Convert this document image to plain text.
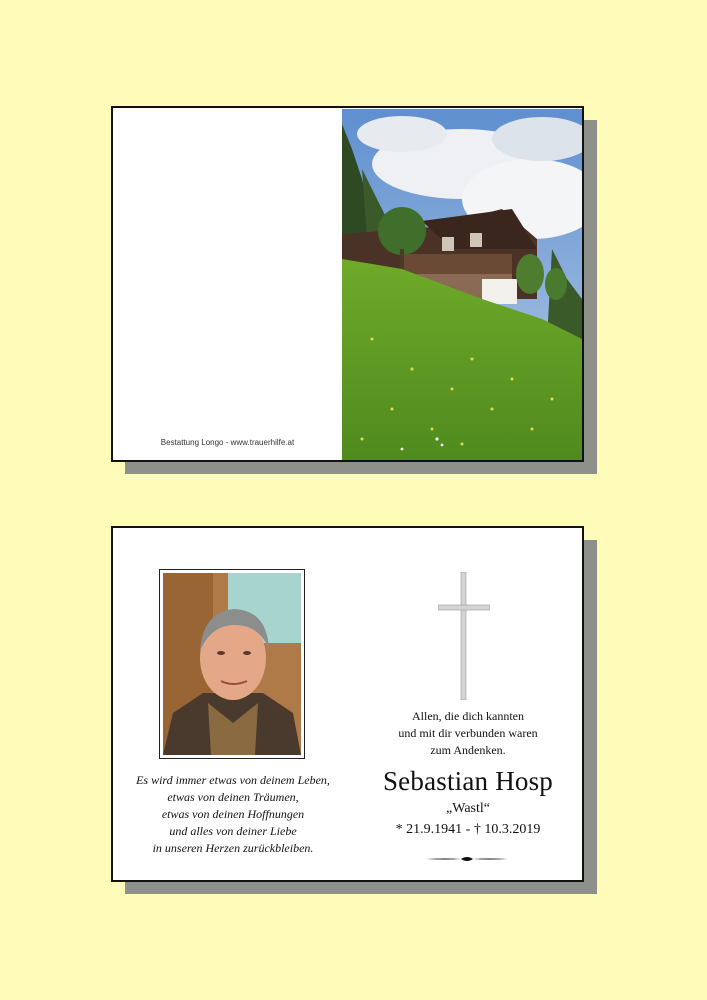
Bestattung Longo - www.trauerhilfe.at
Es wird immer etwas von deinem Leben,
etwas von deinen Träumen,
etwas von deinen Hoffnungen
und alles von deiner Liebe
in unseren Herzen zurückbleiben.
Allen, die dich kannten
und mit dir verbunden waren
zum Andenken.
Sebastian Hosp
„Wastl“
* 21.9.1941 - † 10.3.2019
